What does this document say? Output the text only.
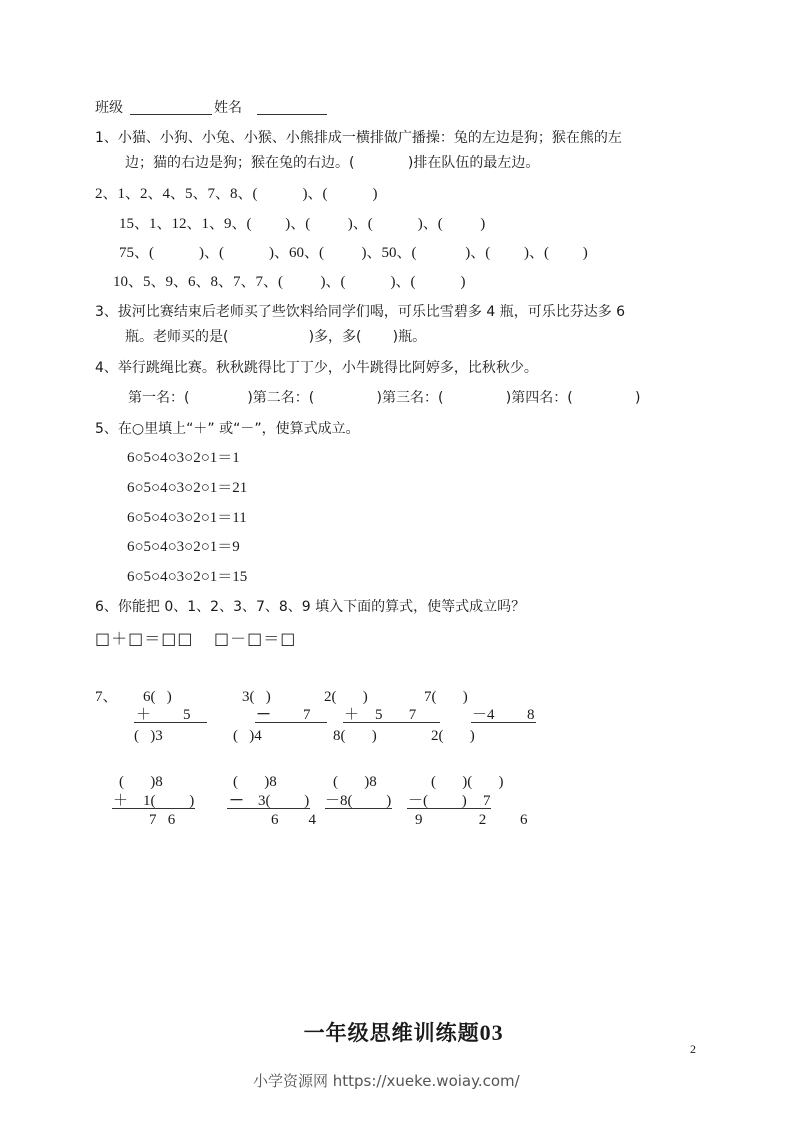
班级	姓名
1、小猫、小狗、小兔、小猴、小熊排成一横排做广播操：兔的左边是狗；猴在熊的左
边；猫的右边是狗；猴在兔的右边。(            )排在队伍的最左边。
2、1、2、4、5、7、8、(            )、(            )
15、1、12、1、9、(         )、(          )、(            )、(          )
75、(            )、(            )、60、(          )、50、(             )、(         )、(         )
10、5、9、6、8、7、7、(          )、(            )、(            )
3、拔河比赛结束后老师买了些饮料给同学们喝，可乐比雪碧多 4 瓶，可乐比芬达多 6
瓶。老师买的是(                  )多，多(       )瓶。
4、举行跳绳比赛。秋秋跳得比丁丁少，小牛跳得比阿婷多，比秋秋少。
第一名：(             )第二名：(              )第三名：(              )第四名：(              )
5、在○里填上“＋” 或“－”，使算式成立。
6○5○4○3○2○1＝1
6○5○4○3○2○1＝21
6○5○4○3○2○1＝11
6○5○4○3○2○1＝9
6○5○4○3○2○1＝15
6、你能把 0、1、2、3、7、8、9 填入下面的算式，使等式成立吗？
□＋□＝□□ □－□＝□
7、 6(   )
＋ 5
(   )3
3(   )
－ 7
(   )4
2(       )
＋ 5       7
8(       )
7(       )
－4 8
2(       )
(       )8
＋ 1(         )
7   6
(       )8
－ 3(         )
6        4
(       )8
－8(         )
(       )(       )
－(         ) 7
9               2         6

一年级思维训练题03

2
小学资源网 https://xueke.woiay.com/
